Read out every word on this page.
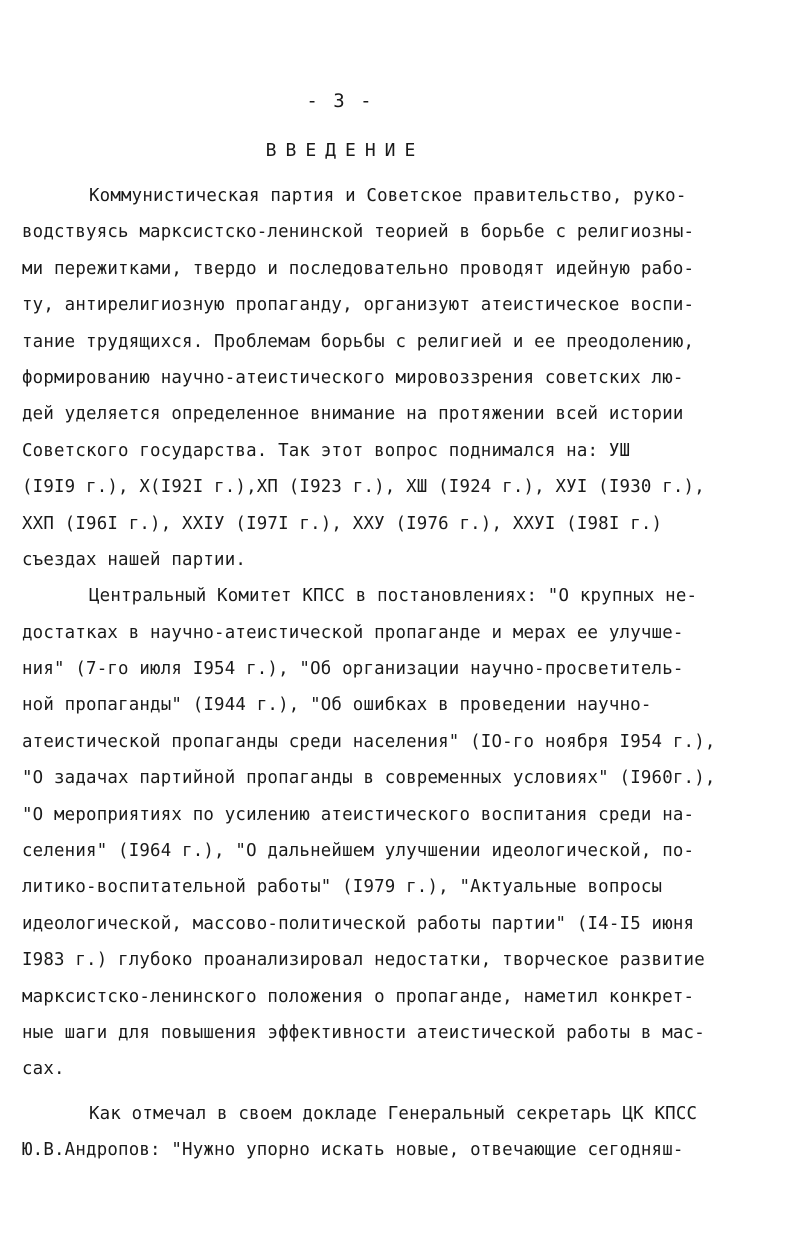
- 3 -
ВВЕДЕНИЕ
Коммунистическая партия и Советское правительство, руко-
водствуясь марксистско-ленинской теорией в борьбе с религиозны-
ми пережитками, твердо и последовательно проводят идейную рабо-
ту, антирелигиозную пропаганду, организуют атеистическое воспи-
тание трудящихся. Проблемам борьбы с религией и ее преодолению,
формированию научно-атеистического мировоззрения советских лю-
дей уделяется определенное внимание на протяжении всей истории
Советского государства. Так этот вопрос поднимался на: УШ
(I9I9 г.), X(I92I г.),XП (I923 г.), XШ (I924 г.), XУI (I930 г.),
XXП (I96I г.), XXIУ (I97I г.), XXУ (I976 г.), XXУI (I98I г.)
съездах нашей партии.
Центральный Комитет КПСС в постановлениях: "О крупных не-
достатках в научно-атеистической пропаганде и мерах ее улучше-
ния" (7-го июля I954 г.), "Об организации научно-просветитель-
ной пропаганды" (I944 г.), "Об ошибках в проведении научно-
атеистической пропаганды среди населения" (IO-го ноября I954 г.),
"О задачах партийной пропаганды в современных условиях" (I960г.),
"О мероприятиях по усилению атеистического воспитания среди на-
селения" (I964 г.), "О дальнейшем улучшении идеологической, по-
литико-воспитательной работы" (I979 г.), "Актуальные вопросы
идеологической, массово-политической работы партии" (I4-I5 июня
I983 г.) глубоко проанализировал недостатки, творческое развитие
марксистско-ленинского положения о пропаганде, наметил конкрет-
ные шаги для повышения эффективности атеистической работы в мас-
сах.
Как отмечал в своем докладе Генеральный секретарь ЦК КПСС
Ю.В.Андропов: "Нужно упорно искать новые, отвечающие сегодняш-
